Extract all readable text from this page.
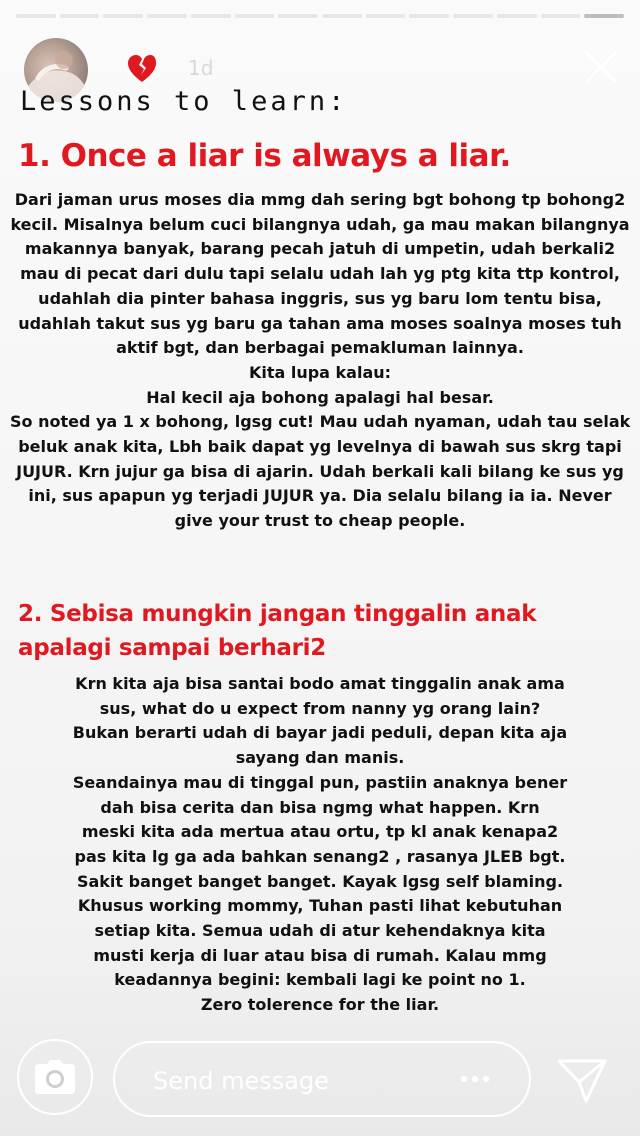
1d
Lessons to learn:
1. Once a liar is always a liar.

Dari jaman urus moses dia mmg dah sering bgt bohong tp bohong2
kecil. Misalnya belum cuci bilangnya udah, ga mau makan bilangnya
makannya banyak, barang pecah jatuh di umpetin, udah berkali2
mau di pecat dari dulu tapi selalu udah lah yg ptg kita ttp kontrol,
udahlah dia pinter bahasa inggris, sus yg baru lom tentu bisa,
udahlah takut sus yg baru ga tahan ama moses soalnya moses tuh
aktif bgt, dan berbagai pemakluman lainnya.
Kita lupa kalau:
Hal kecil aja bohong apalagi hal besar.
So noted ya 1 x bohong, lgsg cut! Mau udah nyaman, udah tau selak
beluk anak kita, Lbh baik dapat yg levelnya di bawah sus skrg tapi
JUJUR. Krn jujur ga bisa di ajarin. Udah berkali kali bilang ke sus yg
ini, sus apapun yg terjadi JUJUR ya. Dia selalu bilang ia ia. Never
give your trust to cheap people.

2. Sebisa mungkin jangan tinggalin anak apalagi sampai berhari2

Krn kita aja bisa santai bodo amat tinggalin anak ama
sus, what do u expect from nanny yg orang lain?
Bukan berarti udah di bayar jadi peduli, depan kita aja
sayang dan manis.
Seandainya mau di tinggal pun, pastiin anaknya bener
dah bisa cerita dan bisa ngmg what happen. Krn
meski kita ada mertua atau ortu, tp kl anak kenapa2
pas kita lg ga ada bahkan senang2 , rasanya JLEB bgt.
Sakit banget banget banget. Kayak lgsg self blaming.
Khusus working mommy, Tuhan pasti lihat kebutuhan
setiap kita. Semua udah di atur kehendaknya kita
musti kerja di luar atau bisa di rumah. Kalau mmg
keadannya begini: kembali lagi ke point no 1.
Zero tolerence for the liar.

Send message
